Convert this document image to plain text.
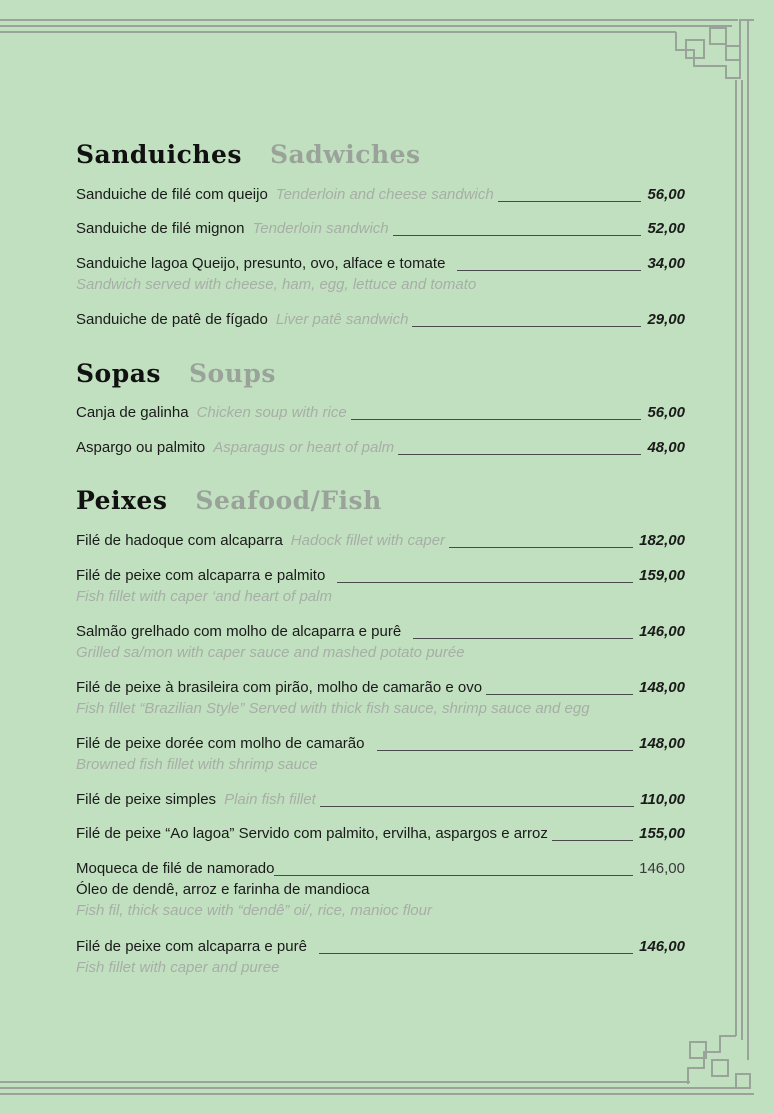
Sanduiches Sadwiches
Sanduiche de filé com queijo Tenderloin and cheese sandwich	56,00
Sanduiche de filé mignon Tenderloin sandwich	52,00
Sanduiche lagoa Queijo, presunto, ovo, alface e tomate	34,00
Sandwich served with cheese, ham, egg, lettuce and tomato
Sanduiche de patê de fígado Liver patê sandwich	29,00
Sopas Soups
Canja de galinha Chicken soup with rice	56,00
Aspargo ou palmito Asparagus or heart of palm	48,00
Peixes Seafood/Fish
Filé de hadoque com alcaparra Hadock fillet with caper	182,00
Filé de peixe com alcaparra e palmito	159,00
Fish fillet with caper ‘and heart of palm
Salmão grelhado com molho de alcaparra e purê	146,00
Grilled sa/mon with caper sauce and mashed potato purée
Filé de peixe à brasileira com pirão, molho de camarão e ovo	148,00
Fish fillet “Brazilian Style” Served with thick fish sauce, shrimp sauce and egg
Filé de peixe dorée com molho de camarão	148,00
Browned fish fillet with shrimp sauce
Filé de peixe simples Plain fish fillet	110,00
Filé de peixe “Ao lagoa” Servido com palmito, ervilha, aspargos e arroz	155,00
Moqueca de filé de namorado	146,00
Óleo de dendê, arroz e farinha de mandioca
Fish fil, thick sauce with “dendê” oi/, rice, manioc flour
Filé de peixe com alcaparra e purê	146,00
Fish fillet with caper and puree
